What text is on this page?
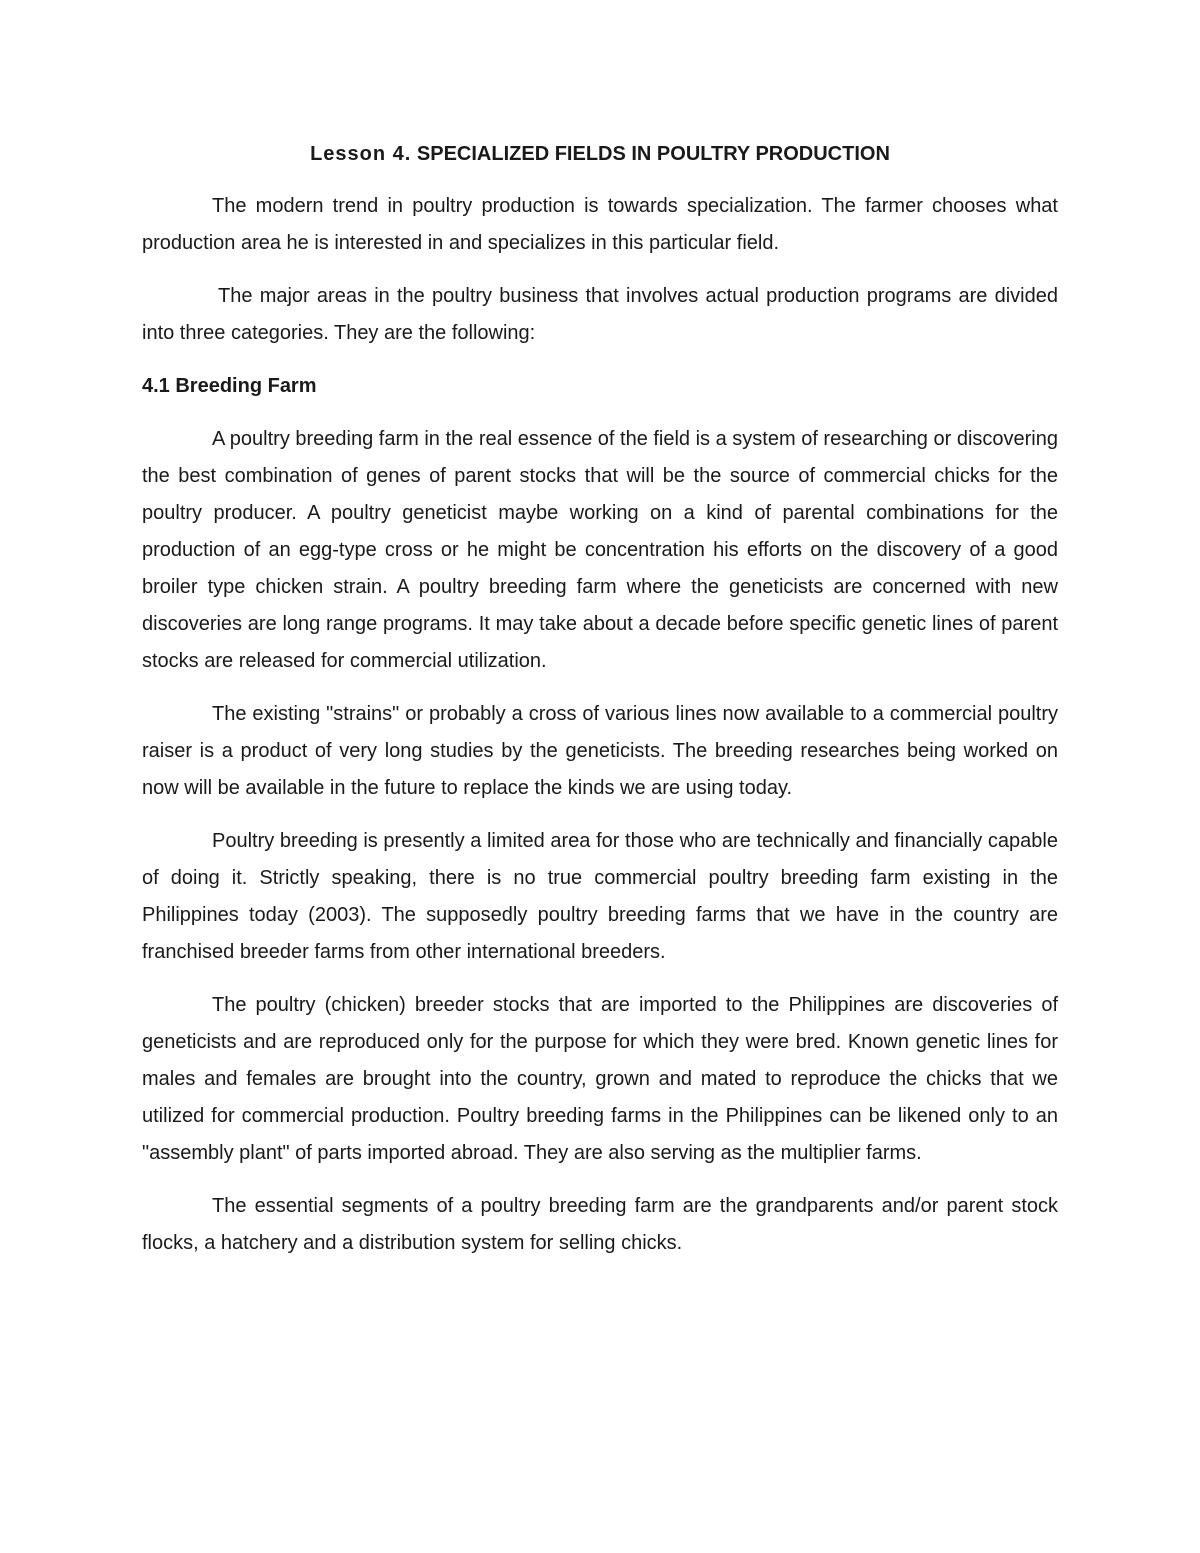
Lesson 4. SPECIALIZED FIELDS IN POULTRY PRODUCTION

The modern trend in poultry production is towards specialization. The farmer chooses what production area he is interested in and specializes in this particular field.

The major areas in the poultry business that involves actual production programs are divided into three categories. They are the following:

4.1 Breeding Farm

A poultry breeding farm in the real essence of the field is a system of researching or discovering the best combination of genes of parent stocks that will be the source of commercial chicks for the poultry producer. A poultry geneticist maybe working on a kind of parental combinations for the production of an egg-type cross or he might be concentration his efforts on the discovery of a good broiler type chicken strain. A poultry breeding farm where the geneticists are concerned with new discoveries are long range programs. It may take about a decade before specific genetic lines of parent stocks are released for commercial utilization.

The existing "strains" or probably a cross of various lines now available to a commercial poultry raiser is a product of very long studies by the geneticists. The breeding researches being worked on now will be available in the future to replace the kinds we are using today.

Poultry breeding is presently a limited area for those who are technically and financially capable of doing it. Strictly speaking, there is no true commercial poultry breeding farm existing in the Philippines today (2003). The supposedly poultry breeding farms that we have in the country are franchised breeder farms from other international breeders.

The poultry (chicken) breeder stocks that are imported to the Philippines are discoveries of geneticists and are reproduced only for the purpose for which they were bred. Known genetic lines for males and females are brought into the country, grown and mated to reproduce the chicks that we utilized for commercial production. Poultry breeding farms in the Philippines can be likened only to an "assembly plant" of parts imported abroad. They are also serving as the multiplier farms.

The essential segments of a poultry breeding farm are the grandparents and/or parent stock flocks, a hatchery and a distribution system for selling chicks.
